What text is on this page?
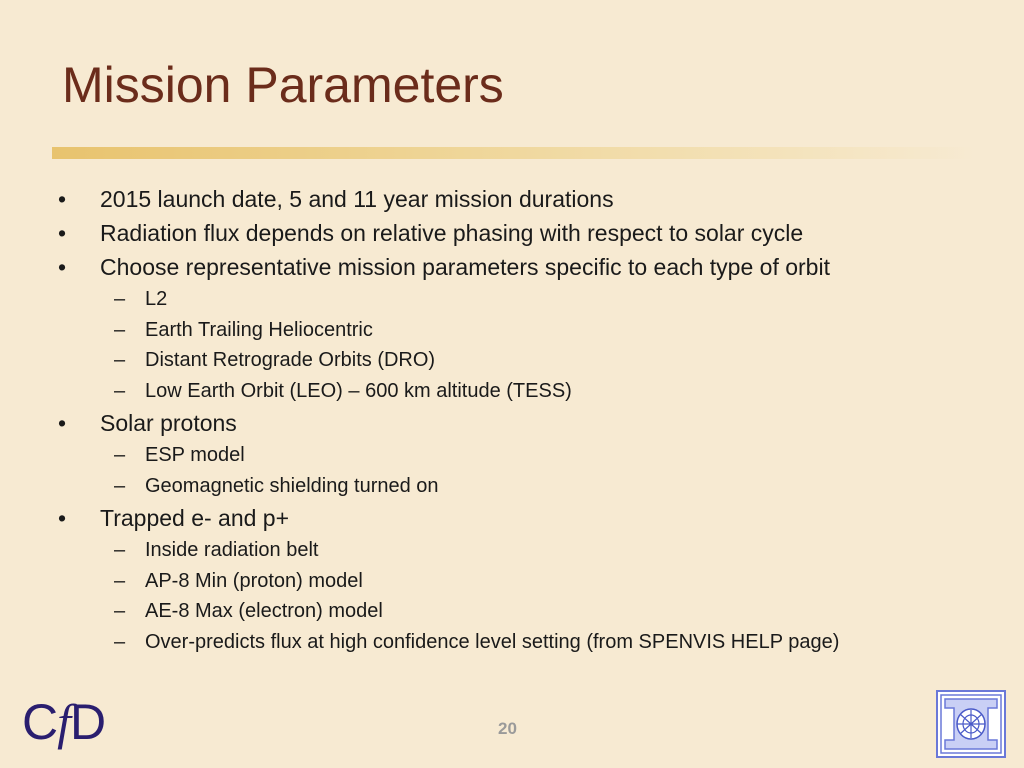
Mission Parameters
• 2015 launch date, 5 and 11 year mission durations
• Radiation flux depends on relative phasing with respect to solar cycle
• Choose representative mission parameters specific to each type of orbit
– L2
– Earth Trailing Heliocentric
– Distant Retrograde Orbits (DRO)
– Low Earth Orbit (LEO) – 600 km altitude (TESS)
• Solar protons
– ESP model
– Geomagnetic shielding turned on
• Trapped e- and p+
– Inside radiation belt
– AP-8 Min (proton) model
– AE-8 Max (electron) model
– Over-predicts flux at high confidence level setting (from SPENVIS HELP page)
CfD	20
